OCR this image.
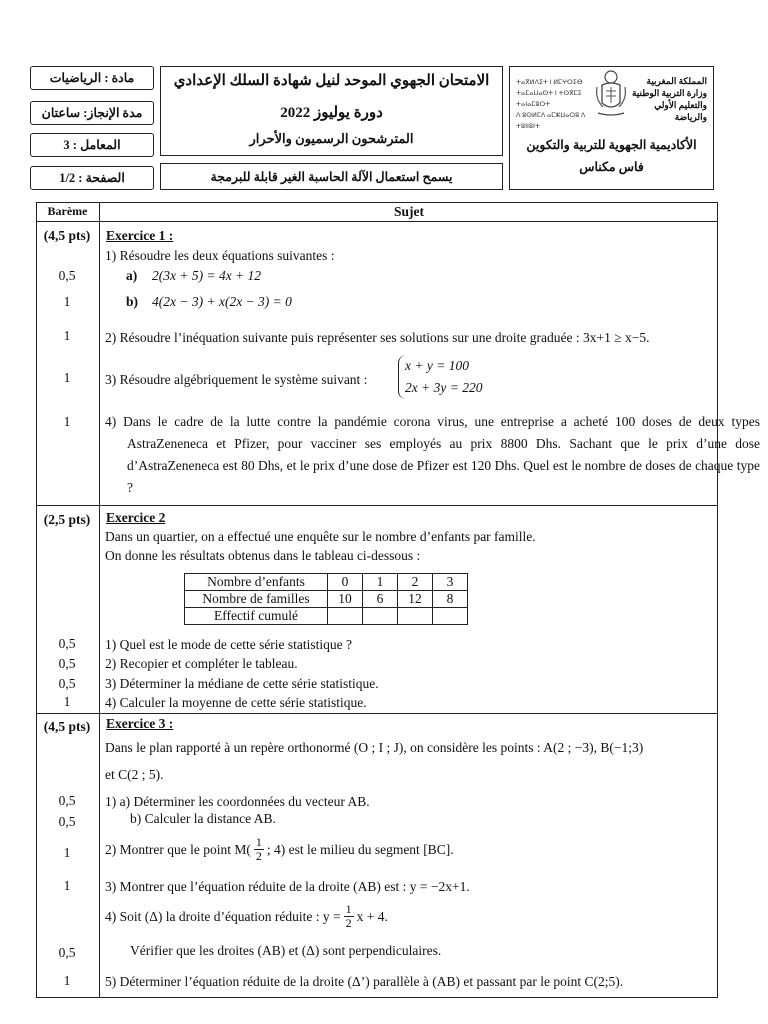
مادة : الرياضيات
مدة الإنجاز: ساعتان
المعامل : 3
الصفحة : 1/2
الامتحان الجهوي الموحد لنيل شهادة السلك الإعدادي
دورة يوليوز 2022
المترشحون الرسميون والأحرار
يسمح استعمال الآلة الحاسبة الغير قابلة للبرمجة
ⵜⴰⴳⵍⴷⵉⵜ ⵏ ⵍⵎⵖⵔⵉⴱ
ⵜⴰⵎⴰⵡⴰⵙⵜ ⵏ ⵜⵙⴳⵎⵉ ⵜⴰⵏⴰⵎⵓⵔⵜ
ⴷ ⵓⵙⵍⵎⴷ ⴰⵎⵣⵡⴰⵔⵓ ⴷ ⵜⵓⵏⵏⵓⵏⵜ
المملكة المغربية
وزارة التربية الوطنية
والتعليم الأولي والرياضة
الأكاديمية الجهوية للتربية والتكوين
فاس مكناس
Barème	Sujet
(4,5 pts)	Exercice 1 :
1) Résoudre les deux équations suivantes :
0,5	a) 2(3x + 5) = 4x + 12
1	b) 4(2x − 3) + x(2x − 3) = 0
1	2) Résoudre l’inéquation suivante puis représenter ses solutions sur une droite graduée : 3x+1 ≥ x−5.
1	3) Résoudre algébriquement le système suivant :
x + y = 100
2x + 3y = 220
1	4) Dans le cadre de la lutte contre la pandémie corona virus, une entreprise a acheté 100 doses de deux types AstraZeneneca et Pfizer, pour vacciner ses employés au prix 8800 Dhs. Sachant que le prix d’une dose d’AstraZeneneca est 80 Dhs, et le prix d’une dose de Pfizer est 120 Dhs. Quel est le nombre de doses de chaque type ?
(2,5 pts)	Exercice 2
Dans un quartier, on a effectué une enquête sur le nombre d’enfants par famille.
On donne les résultats obtenus dans le tableau ci-dessous :
Nombre d’enfants	0	1	2	3
Nombre de familles	10	6	12	8
Effectif cumulé				
0,5	1) Quel est le mode de cette série statistique ?
0,5	2) Recopier et compléter le tableau.
0,5	3) Déterminer la médiane de cette série statistique.
1	4) Calculer la moyenne de cette série statistique.
(4,5 pts)	Exercice 3 :
Dans le plan rapporté à un repère orthonormé (O ; I ; J), on considère les points : A(2 ; −3), B(−1;3)
et C(2 ; 5).
0,5	1) a) Déterminer les coordonnées du vecteur AB.
0,5	b) Calculer la distance AB.
1	2) Montrer que le point M( 1
2 ; 4) est le milieu du segment [BC].
1	3) Montrer que l’équation réduite de la droite (AB) est : y = −2x+1.
4) Soit (Δ) la droite d’équation réduite : $y = \frac{1}{2}$ x + 4.
0,5	Vérifier que les droites (AB) et (Δ) sont perpendiculaires.
1	5) Déterminer l’équation réduite de la droite (Δ’) parallèle à (AB) et passant par le point C(2;5).
